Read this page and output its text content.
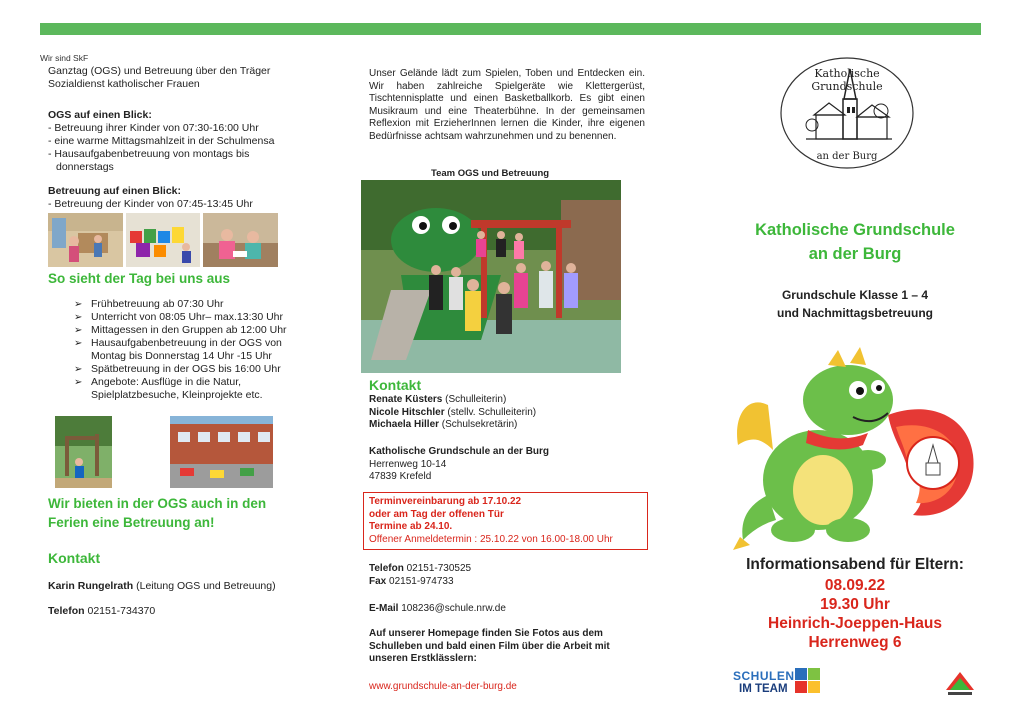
Wir sind SkF
Ganztag (OGS) und Betreuung über den Träger
Sozialdienst katholischer Frauen
OGS auf einen Blick:
- Betreuung ihrer Kinder von 07:30-16:00 Uhr
- eine warme Mittagsmahlzeit in der Schulmensa
- Hausaufgabenbetreuung von montags bis
donnerstags
Betreuung auf einen Blick:
- Betreuung der Kinder von 07:45-13:45 Uhr
So sieht der Tag bei uns aus
➢ Frühbetreuung ab 07:30 Uhr
➢ Unterricht von 08:05 Uhr– max.13:30 Uhr
➢ Mittagessen in den Gruppen ab 12:00 Uhr
➢ Hausaufgabenbetreuung in der OGS von Montag bis Donnerstag 14 Uhr -15 Uhr
➢ Spätbetreuung in der OGS bis 16:00 Uhr
➢ Angebote: Ausflüge in die Natur, Spielplatzbesuche, Kleinprojekte etc.
Wir bieten in der OGS auch in den
Ferien eine Betreuung an!
Kontakt
Karin Rungelrath (Leitung OGS und Betreuung)
Telefon 02151-734370
Unser Gelände lädt zum Spielen, Toben und Entdecken ein. Wir haben zahlreiche Spielgeräte wie Klettergerüst, Tischtennisplatte und einen Basketballkorb. Es gibt einen Musikraum und eine Theaterbühne. In der gemeinsamen Reflexion mit ErzieherInnen lernen die Kinder, ihre eigenen Bedürfnisse achtsam wahrzunehmen und zu benennen.
Team OGS und Betreuung
Kontakt
Renate Küsters (Schulleiterin)
Nicole Hitschler (stellv. Schulleiterin)
Michaela Hiller (Schulsekretärin)
Katholische Grundschule an der Burg
Herrenweg 10-14
47839 Krefeld
Terminvereinbarung ab 17.10.22
oder am Tag der offenen Tür
Termine ab 24.10.
Offener Anmeldetermin : 25.10.22 von 16.00-18.00 Uhr
Telefon 02151-730525
Fax 02151-974733
E-Mail 108236@schule.nrw.de
Auf unserer Homepage finden Sie Fotos aus dem Schulleben und bald einen Film über die Arbeit mit unseren Erstklässlern:
www.grundschule-an-der-burg.de
Katholische Grundschule
an der Burg
Katholische Grundschule
an der Burg
Grundschule Klasse 1 – 4
und Nachmittagsbetreuung
Informationsabend für Eltern:
08.09.22
19.30 Uhr
Heinrich-Joeppen-Haus
Herrenweg 6
SCHULEN
IM TEAM
